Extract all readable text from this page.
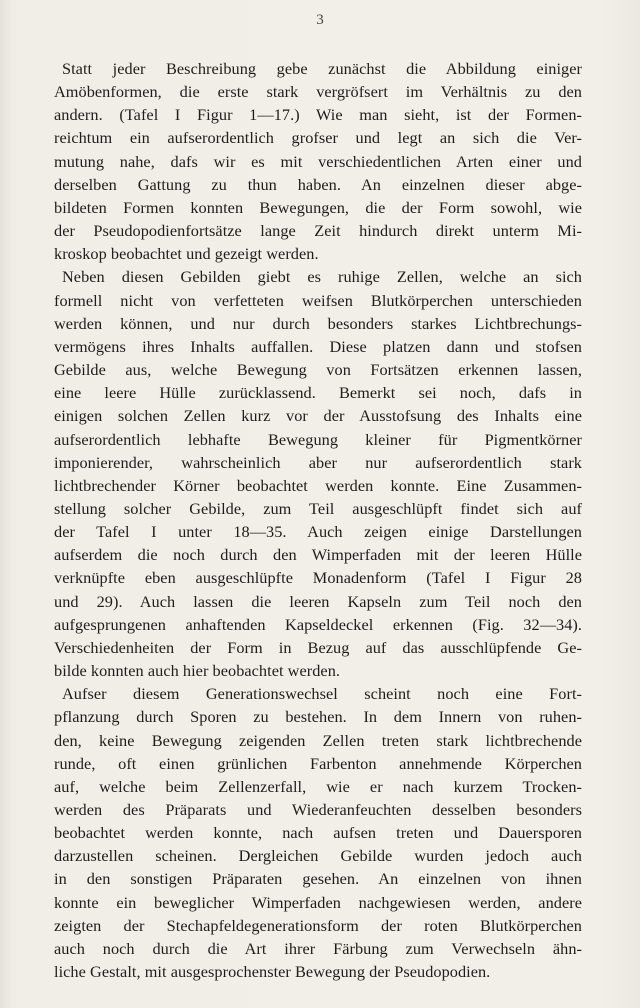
3

Statt jeder Beschreibung gebe zunächst die Abbildung einiger
Amöbenformen, die erste stark vergröfsert im Verhältnis zu den
andern. (Tafel I Figur 1—17.) Wie man sieht, ist der Formen-
reichtum ein aufserordentlich grofser und legt an sich die Ver-
mutung nahe, dafs wir es mit verschiedentlichen Arten einer und
derselben Gattung zu thun haben. An einzelnen dieser abge-
bildeten Formen konnten Bewegungen, die der Form sowohl, wie
der Pseudopodienfortsätze lange Zeit hindurch direkt unterm Mi-
kroskop beobachtet und gezeigt werden.

Neben diesen Gebilden giebt es ruhige Zellen, welche an sich
formell nicht von verfetteten weifsen Blutkörperchen unterschieden
werden können, und nur durch besonders starkes Lichtbrechungs-
vermögens ihres Inhalts auffallen. Diese platzen dann und stofsen
Gebilde aus, welche Bewegung von Fortsätzen erkennen lassen,
eine leere Hülle zurücklassend. Bemerkt sei noch, dafs in
einigen solchen Zellen kurz vor der Ausstofsung des Inhalts eine
aufserordentlich lebhafte Bewegung kleiner für Pigmentkörner
imponierender, wahrscheinlich aber nur aufserordentlich stark
lichtbrechender Körner beobachtet werden konnte. Eine Zusammen-
stellung solcher Gebilde, zum Teil ausgeschlüpft findet sich auf
der Tafel I unter 18—35. Auch zeigen einige Darstellungen
aufserdem die noch durch den Wimperfaden mit der leeren Hülle
verknüpfte eben ausgeschlüpfte Monadenform (Tafel I Figur 28
und 29). Auch lassen die leeren Kapseln zum Teil noch den
aufgesprungenen anhaftenden Kapseldeckel erkennen (Fig. 32—34).
Verschiedenheiten der Form in Bezug auf das ausschlüpfende Ge-
bilde konnten auch hier beobachtet werden.

Aufser diesem Generationswechsel scheint noch eine Fort-
pflanzung durch Sporen zu bestehen. In dem Innern von ruhen-
den, keine Bewegung zeigenden Zellen treten stark lichtbrechende
runde, oft einen grünlichen Farbenton annehmende Körperchen
auf, welche beim Zellenzerfall, wie er nach kurzem Trocken-
werden des Präparats und Wiederanfeuchten desselben besonders
beobachtet werden konnte, nach aufsen treten und Dauersporen
darzustellen scheinen. Dergleichen Gebilde wurden jedoch auch
in den sonstigen Präparaten gesehen. An einzelnen von ihnen
konnte ein beweglicher Wimperfaden nachgewiesen werden, andere
zeigten der Stechapfeldegenerationsform der roten Blutkörperchen
auch noch durch die Art ihrer Färbung zum Verwechseln ähn-
liche Gestalt, mit ausgesprochenster Bewegung der Pseudopodien.
